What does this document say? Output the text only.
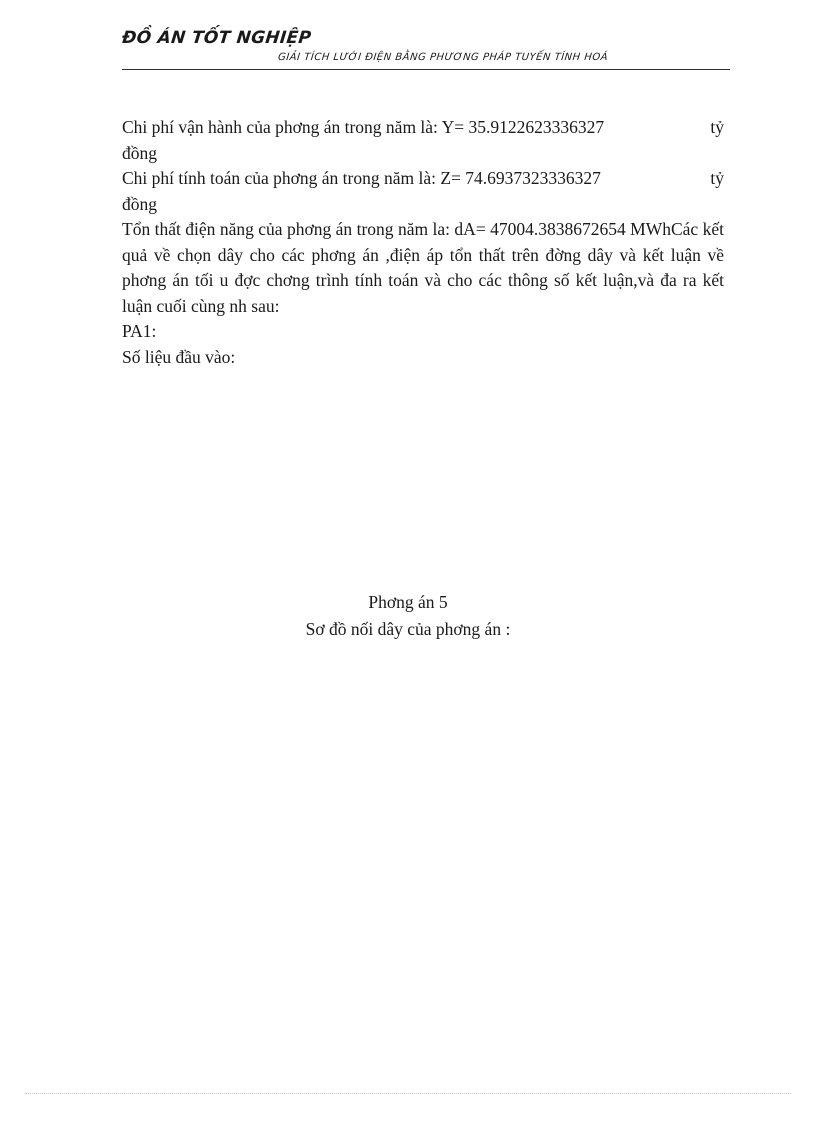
ĐỒ ÁN TỐT NGHIỆP
GIẢI TÍCH LƯỚI ĐIỆN BẰNG PHƯƠNG PHÁP TUYẾN TÍNH HOÁ
Chi phí vận hành của phơng án trong năm là: Y= 35.9122623336327	tỷ
đồng
Chi phí tính toán của phơng án trong năm là: Z= 74.6937323336327	tỷ
đồng
Tổn thất điện năng của phơng án trong năm la: dA= 47004.3838672654 MWhCác kết quả về chọn dây cho các phơng án ,điện áp tổn thất trên đờng dây và kết luận về phơng án tối u đợc chơng trình tính toán và cho các thông số kết luận,và đa ra kết luận cuối cùng nh sau:
PA1:
Số liệu đầu vào:
Phơng án 5
Sơ đồ nối dây của phơng án :
